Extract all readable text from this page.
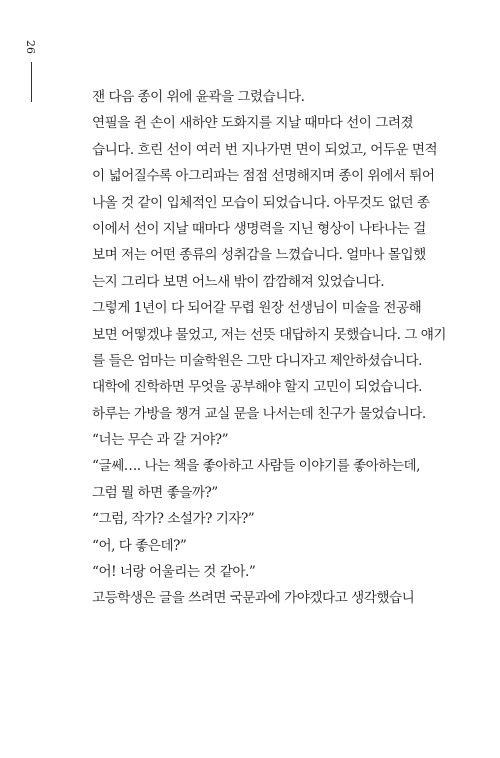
26
잰 다음 종이 위에 윤곽을 그렸습니다.
연필을 쥔 손이 새하얀 도화지를 지날 때마다 선이 그려졌
습니다. 흐린 선이 여러 번 지나가면 면이 되었고, 어두운 면적
이 넓어질수록 아그리파는 점점 선명해지며 종이 위에서 튀어
나올 것 같이 입체적인 모습이 되었습니다. 아무것도 없던 종
이에서 선이 지날 때마다 생명력을 지닌 형상이 나타나는 걸
보며 저는 어떤 종류의 성취감을 느꼈습니다. 얼마나 몰입했
는지 그리다 보면 어느새 밖이 깜깜해져 있었습니다.
그렇게 1년이 다 되어갈 무렵 원장 선생님이 미술을 전공해
보면 어떻겠냐 물었고, 저는 선뜻 대답하지 못했습니다. 그 얘기
를 들은 엄마는 미술학원은 그만 다니자고 제안하셨습니다.
대학에 진학하면 무엇을 공부해야 할지 고민이 되었습니다.
하루는 가방을 챙겨 교실 문을 나서는데 친구가 물었습니다.
“너는 무슨 과 갈 거야?”
“글쎄…. 나는 책을 좋아하고 사람들 이야기를 좋아하는데,
그럼 뭘 하면 좋을까?”
“그럼, 작가? 소설가? 기자?”
“어, 다 좋은데?”
“어! 너랑 어울리는 것 같아.”
고등학생은 글을 쓰려면 국문과에 가야겠다고 생각했습니
